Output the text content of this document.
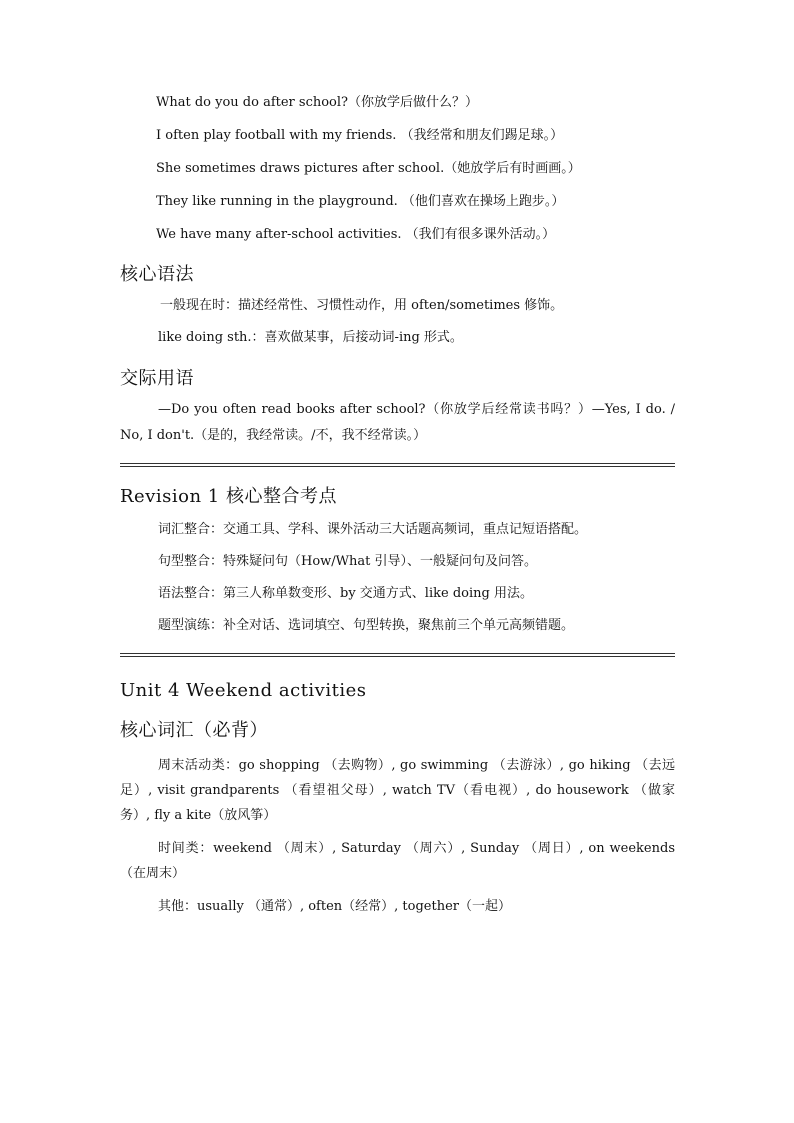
What do you do after school?（你放学后做什么？）

I often play football with my friends. （我经常和朋友们踢足球。）

She sometimes draws pictures after school.（她放学后有时画画。）

They like running in the playground. （他们喜欢在操场上跑步。）

We have many after-school activities. （我们有很多课外活动。）

核心语法

一般现在时：描述经常性、习惯性动作，用 often/sometimes 修饰。

like doing sth.：喜欢做某事，后接动词-ing 形式。

交际用语

—Do you often read books after school?（你放学后经常读书吗？）—Yes, I do. / No, I don't.（是的，我经常读。/不，我不经常读。）

Revision 1 核心整合考点

词汇整合：交通工具、学科、课外活动三大话题高频词，重点记短语搭配。

句型整合：特殊疑问句（How/What 引导）、一般疑问句及问答。

语法整合：第三人称单数变形、by 交通方式、like doing 用法。

题型演练：补全对话、选词填空、句型转换，聚焦前三个单元高频错题。

Unit 4 Weekend activities
核心词汇（必背）

周末活动类：go shopping （去购物）, go swimming （去游泳）, go hiking （去远足）, visit grandparents （看望祖父母）, watch TV（看电视）, do housework （做家务）, fly a kite（放风筝）

时间类：weekend （周末）, Saturday （周六）, Sunday （周日）, on weekends（在周末）

其他：usually （通常）, often（经常）, together（一起）
